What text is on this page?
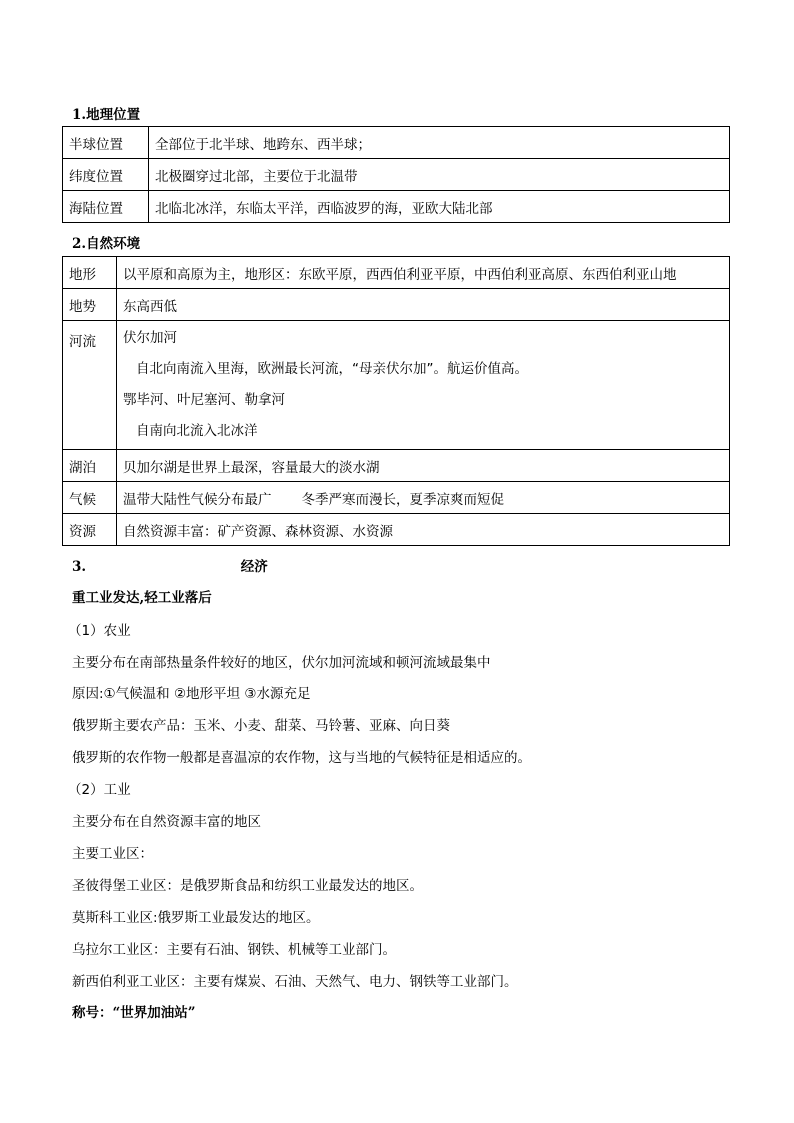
1.地理位置
半球位置	全部位于北半球、地跨东、西半球；
纬度位置	北极圈穿过北部，主要位于北温带
海陆位置	北临北冰洋，东临太平洋，西临波罗的海，亚欧大陆北部
2.自然环境
地形	以平原和高原为主，地形区：东欧平原，西西伯利亚平原，中西伯利亚高原、东西伯利亚山地
地势	东高西低
河流	伏尔加河

自北向南流入里海，欧洲最长河流，“母亲伏尔加”。航运价值高。

鄂毕河、叶尼塞河、勒拿河

自南向北流入北冰洋

湖泊	贝加尔湖是世界上最深，容量最大的淡水湖
气候	温带大陆性气候分布最广 冬季严寒而漫长，夏季凉爽而短促
资源	自然资源丰富：矿产资源、森林资源、水资源
3.	经济
重工业发达,轻工业落后
（1）农业
主要分布在南部热量条件较好的地区，伏尔加河流域和顿河流域最集中
原因:①气候温和 ②地形平坦 ③水源充足
俄罗斯主要农产品：玉米、小麦、甜菜、马铃薯、亚麻、向日葵
俄罗斯的农作物一般都是喜温凉的农作物，这与当地的气候特征是相适应的。
（2）工业
主要分布在自然资源丰富的地区
主要工业区：
圣彼得堡工业区：是俄罗斯食品和纺织工业最发达的地区。
莫斯科工业区:俄罗斯工业最发达的地区。
乌拉尔工业区：主要有石油、钢铁、机械等工业部门。
新西伯利亚工业区：主要有煤炭、石油、天然气、电力、钢铁等工业部门。
称号：“世界加油站”
